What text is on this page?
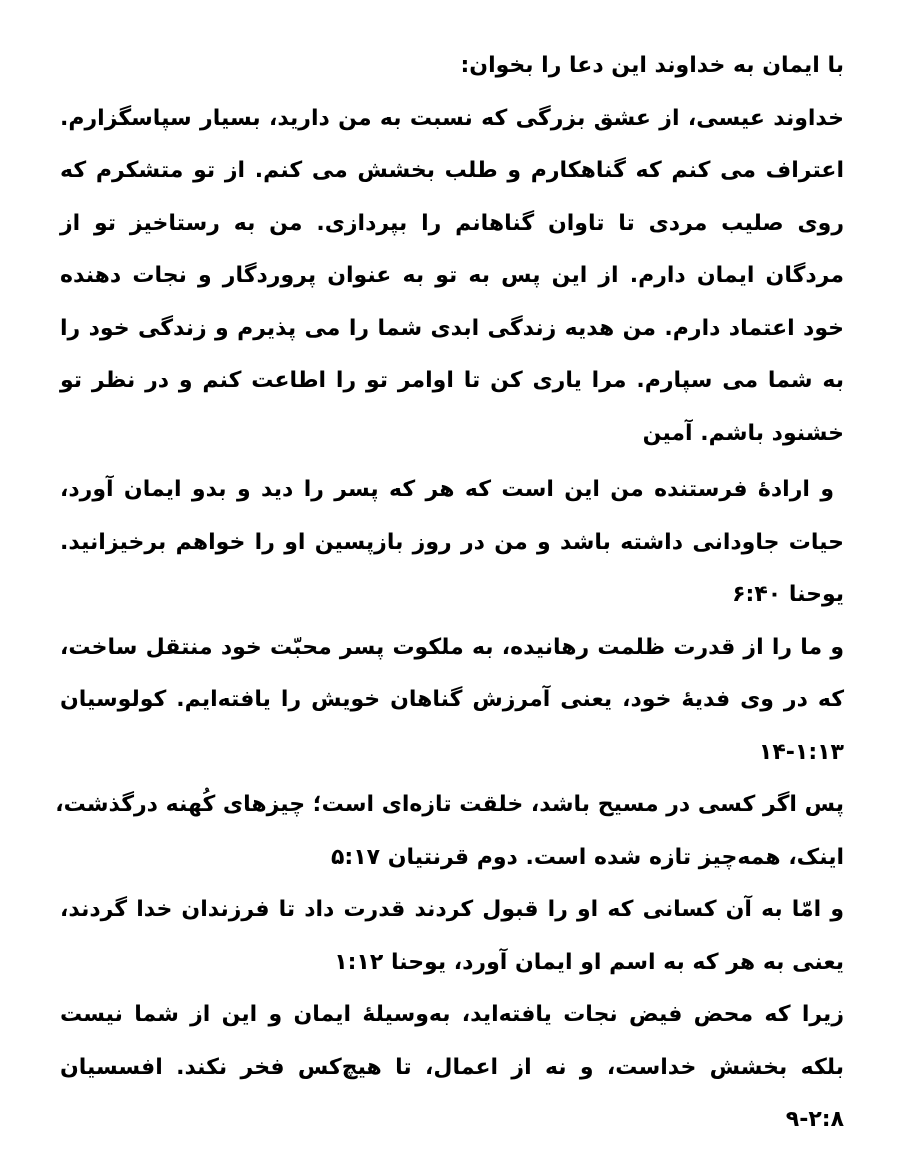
با ایمان به خداوند این دعا را بخوان:
خداوند عیسی، از عشق بزرگی که نسبت به من دارید، بسیار سپاسگزارم.
اعتراف می کنم که گناهکارم و طلب بخشش می کنم. از تو متشکرم که
روی صلیب مردی تا تاوان گناهانم را بپردازی. من به رستاخیز تو از
مردگان ایمان دارم. از این پس به تو به عنوان پروردگار و نجات دهنده
خود اعتماد دارم. من هدیه زندگی ابدی شما را می پذیرم و زندگی خود را
به شما می سپارم. مرا یاری کن تا اوامر تو را اطاعت کنم و در نظر تو
خشنود باشم. آمین
و ارادهٔ فرستنده من این است که هر که پسر را دید و بدو ایمان آورد،
حیات جاودانی داشته باشد و من در روز بازپسین او را خواهم برخیزانید.
یوحنا ۶:۴۰
و ما را از قدرت ظلمت رهانیده، به ملکوت پسر محبّت خود منتقل ساخت،
که در وی فدیهٔ خود، یعنی آمرزش گناهان خویش را یافته‌ایم. کولوسیان
۱۴-۱:۱۳
پس اگر کسی در مسیح باشد، خلقت تازه‌ای است؛ چیزهای کُهنه درگذشت،
اینک، همه‌چیز تازه شده است. دوم قرنتیان ۵:۱۷
و امّا به آن کسانی که او را قبول کردند قدرت داد تا فرزندان خدا گردند،
یعنی به هر که به اسم او ایمان آورد، یوحنا ۱:۱۲
زیرا که محض فیض نجات یافته‌اید، به‌وسیلهٔ ایمان و این از شما نیست
بلکه بخشش خداست، و نه از اعمال، تا هیچ‌کس فخر نکند. افسسیان
۹-۲:۸
